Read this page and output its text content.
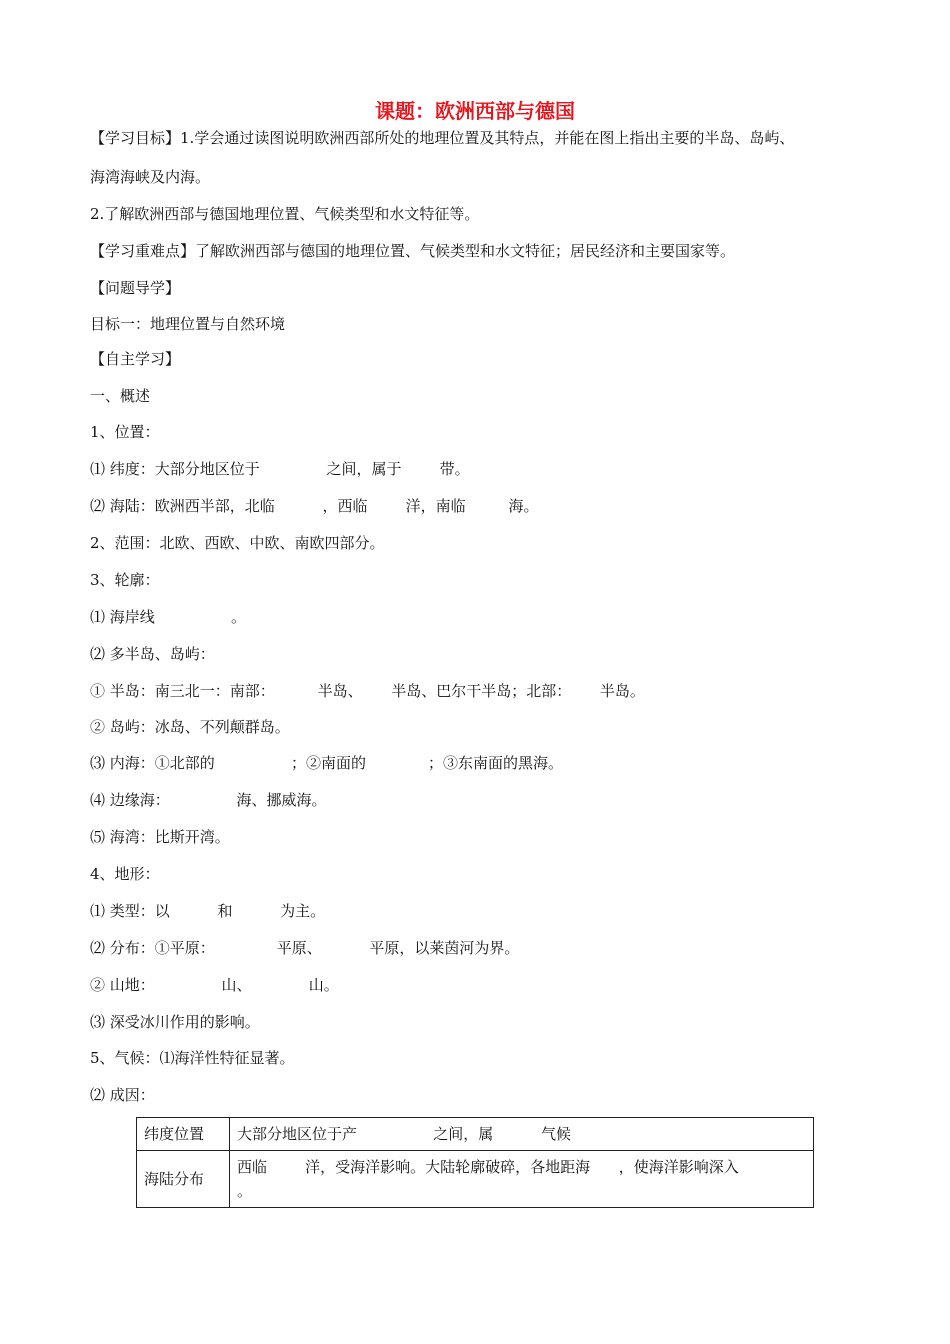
课题：欧洲西部与德国
【学习目标】1.学会通过读图说明欧洲西部所处的地理位置及其特点，并能在图上指出主要的半岛、岛屿、
海湾海峡及内海。
2.了解欧洲西部与德国地理位置、气候类型和水文特征等。
【学习重难点】了解欧洲西部与德国的地理位置、气候类型和水文特征；居民经济和主要国家等。
【问题导学】
目标一：地理位置与自然环境
【自主学习】
一、概述
1、位置：
⑴ 纬度：大部分地区位于              之间，属于        带。
⑵ 海陆：欧洲西半部，北临          ，西临        洋，南临         海。
2、范围：北欧、西欧、中欧、南欧四部分。
3、轮廓：
⑴ 海岸线                。
⑵ 多半岛、岛屿：
① 半岛：南三北一：南部：         半岛、      半岛、巴尔干半岛；北部：      半岛。
② 岛屿：冰岛、不列颠群岛。
⑶ 内海：①北部的                ；②南面的             ；③东南面的黑海。
⑷ 边缘海：              海、挪威海。
⑸ 海湾：比斯开湾。
4、地形：
⑴ 类型：以          和          为主。
⑵ 分布：①平原：             平原、          平原，以莱茵河为界。
② 山地：              山、            山。
⑶ 深受冰川作用的影响。
5、气候：⑴海洋性特征显著。
⑵ 成因：
纬度位置	大部分地区位于产                之间，属          气候
海陆分布	西临        洋，受海洋影响。大陆轮廓破碎，各地距海      ，使海洋影响深入
。
